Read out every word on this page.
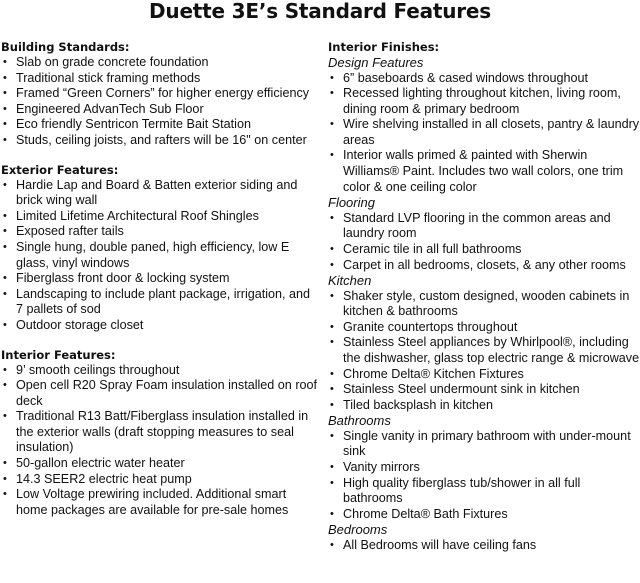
Duette 3E’s Standard Features

Building Standards:

• Slab on grade concrete foundation
• Traditional stick framing methods
• Framed “Green Corners” for higher energy efficiency
• Engineered AdvanTech Sub Floor
• Eco friendly Sentricon Termite Bait Station
• Studs, ceiling joists, and rafters will be 16" on center

Exterior Features:

• Hardie Lap and Board & Batten exterior siding and brick wing wall
• Limited Lifetime Architectural Roof Shingles
• Exposed rafter tails
• Single hung, double paned, high efficiency, low E glass, vinyl windows
• Fiberglass front door & locking system
• Landscaping to include plant package, irrigation, and 7 pallets of sod
• Outdoor storage closet

Interior Features:

• 9’ smooth ceilings throughout
• Open cell R20 Spray Foam insulation installed on roof deck
• Traditional R13 Batt/Fiberglass insulation installed in the exterior walls (draft stopping measures to seal insulation)
• 50-gallon electric water heater
• 14.3 SEER2 electric heat pump
• Low Voltage prewiring included. Additional smart home packages are available for pre-sale homes

Interior Finishes:

Design Features

• 6” baseboards & cased windows throughout
• Recessed lighting throughout kitchen, living room, dining room & primary bedroom
• Wire shelving installed in all closets, pantry & laundry areas
• Interior walls primed & painted with Sherwin Williams® Paint. Includes two wall colors, one trim color & one ceiling color

Flooring

• Standard LVP flooring in the common areas and laundry room
• Ceramic tile in all full bathrooms
• Carpet in all bedrooms, closets, & any other rooms

Kitchen

• Shaker style, custom designed, wooden cabinets in kitchen & bathrooms
• Granite countertops throughout
• Stainless Steel appliances by Whirlpool®, including the dishwasher, glass top electric range & microwave
• Chrome Delta® Kitchen Fixtures
• Stainless Steel undermount sink in kitchen
• Tiled backsplash in kitchen

Bathrooms

• Single vanity in primary bathroom with under-mount sink
• Vanity mirrors
• High quality fiberglass tub/shower in all full bathrooms
• Chrome Delta® Bath Fixtures

Bedrooms

• All Bedrooms will have ceiling fans
